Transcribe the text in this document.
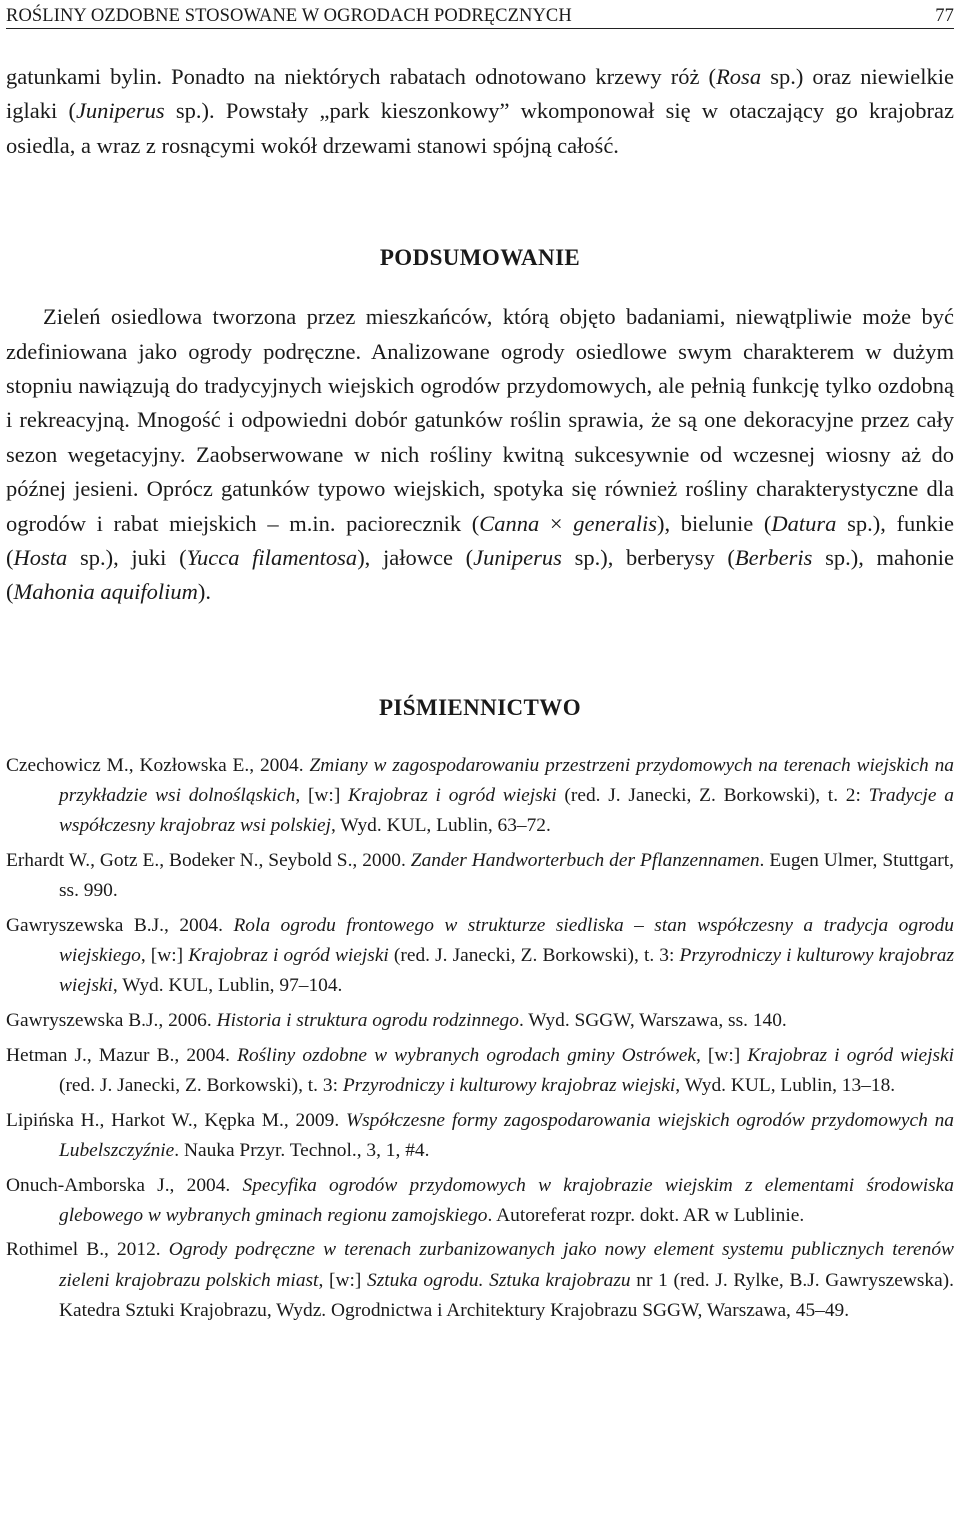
ROŚLINY OZDOBNE STOSOWANE W OGRODACH PODRĘCZNYCH	77

gatunkami bylin. Ponadto na niektórych rabatach odnotowano krzewy róż (Rosa sp.) oraz niewielkie iglaki (Juniperus sp.). Powstały „park kieszonkowy” wkomponował się w otaczający go krajobraz osiedla, a wraz z rosnącymi wokół drzewami stanowi spójną całość.

PODSUMOWANIE

Zieleń osiedlowa tworzona przez mieszkańców, którą objęto badaniami, niewątpliwie może być zdefiniowana jako ogrody podręczne. Analizowane ogrody osiedlowe swym charakterem w dużym stopniu nawiązują do tradycyjnych wiejskich ogrodów przydomowych, ale pełnią funkcję tylko ozdobną i rekreacyjną. Mnogość i odpowiedni dobór gatunków roślin sprawia, że są one dekoracyjne przez cały sezon wegetacyjny. Zaobserwowane w nich rośliny kwitną sukcesywnie od wczesnej wiosny aż do późnej jesieni. Oprócz gatunków typowo wiejskich, spotyka się również rośliny charakterystyczne dla ogrodów i rabat miejskich – m.in. paciorecznik (Canna × generalis), bielunie (Datura sp.), funkie (Hosta sp.), juki (Yucca filamentosa), jałowce (Juniperus sp.), berberysy (Berberis sp.), mahonie (Mahonia aquifolium).

PIŚMIENNICTWO

Czechowicz M., Kozłowska E., 2004. Zmiany w zagospodarowaniu przestrzeni przydomowych na terenach wiejskich na przykładzie wsi dolnośląskich, [w:] Krajobraz i ogród wiejski (red. J. Janecki, Z. Borkowski), t. 2: Tradycje a współczesny krajobraz wsi polskiej, Wyd. KUL, Lublin, 63–72.

Erhardt W., Gotz E., Bodeker N., Seybold S., 2000. Zander Handworterbuch der Pflanzennamen. Eugen Ulmer, Stuttgart, ss. 990.

Gawryszewska B.J., 2004. Rola ogrodu frontowego w strukturze siedliska – stan współczesny a tradycja ogrodu wiejskiego, [w:] Krajobraz i ogród wiejski (red. J. Janecki, Z. Borkowski), t. 3: Przyrodniczy i kulturowy krajobraz wiejski, Wyd. KUL, Lublin, 97–104.

Gawryszewska B.J., 2006. Historia i struktura ogrodu rodzinnego. Wyd. SGGW, Warszawa, ss. 140.

Hetman J., Mazur B., 2004. Rośliny ozdobne w wybranych ogrodach gminy Ostrówek, [w:] Krajobraz i ogród wiejski (red. J. Janecki, Z. Borkowski), t. 3: Przyrodniczy i kulturowy krajobraz wiejski, Wyd. KUL, Lublin, 13–18.

Lipińska H., Harkot W., Kępka M., 2009. Współczesne formy zagospodarowania wiejskich ogrodów przydomowych na Lubelszczyźnie. Nauka Przyr. Technol., 3, 1, #4.

Onuch-Amborska J., 2004. Specyfika ogrodów przydomowych w krajobrazie wiejskim z elementami środowiska glebowego w wybranych gminach regionu zamojskiego. Autoreferat rozpr. dokt. AR w Lublinie.

Rothimel B., 2012. Ogrody podręczne w terenach zurbanizowanych jako nowy element systemu publicznych terenów zieleni krajobrazu polskich miast, [w:] Sztuka ogrodu. Sztuka krajobrazu nr 1 (red. J. Rylke, B.J. Gawryszewska). Katedra Sztuki Krajobrazu, Wydz. Ogrodnictwa i Architektury Krajobrazu SGGW, Warszawa, 45–49.
